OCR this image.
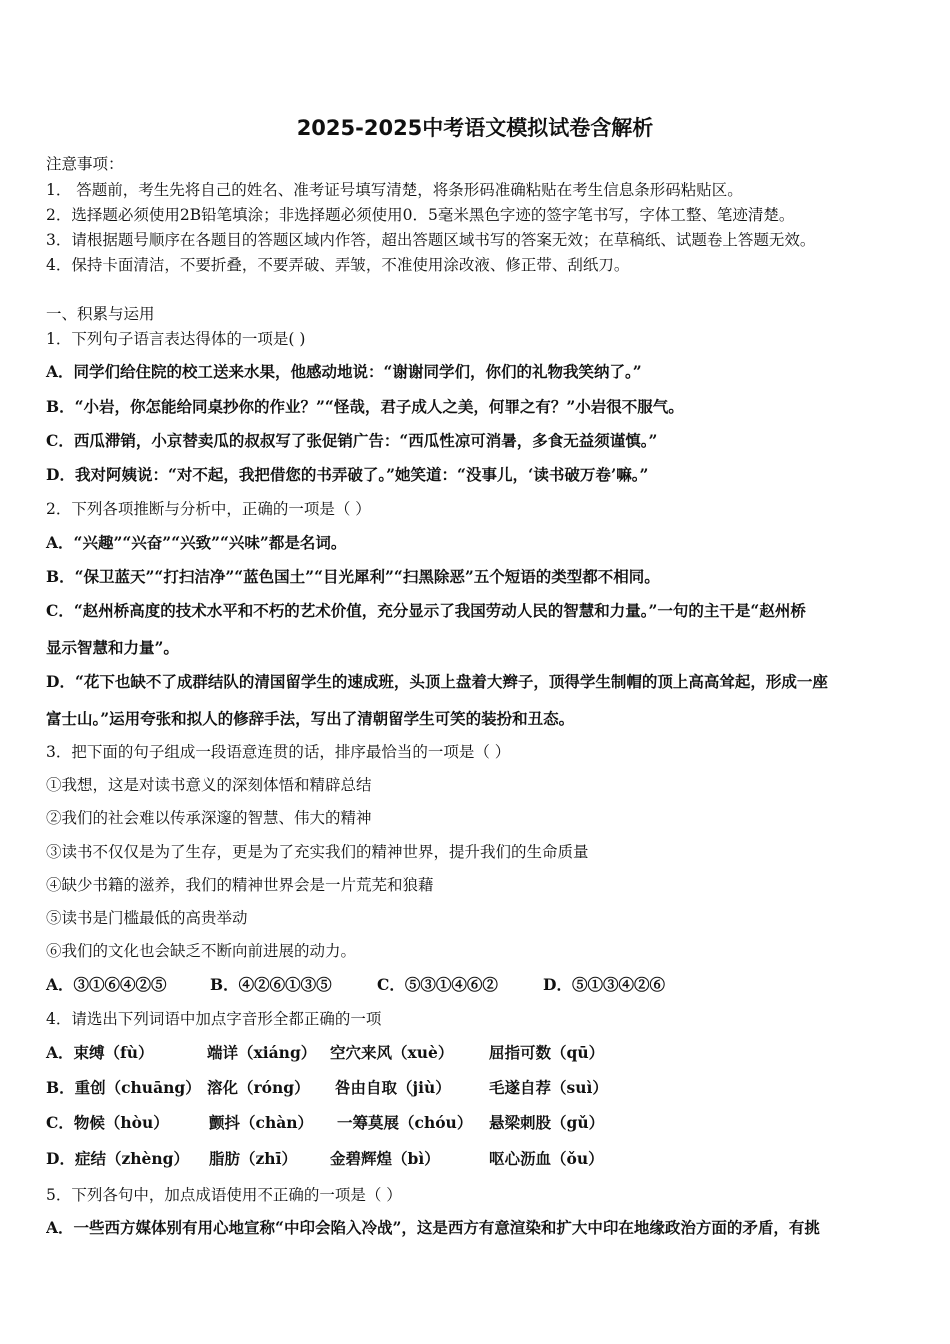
2025-2025中考语文模拟试卷含解析
注意事项：
1． 答题前，考生先将自己的姓名、准考证号填写清楚，将条形码准确粘贴在考生信息条形码粘贴区。
2．选择题必须使用2B铅笔填涂；非选择题必须使用0．5毫米黑色字迹的签字笔书写，字体工整、笔迹清楚。
3．请根据题号顺序在各题目的答题区域内作答，超出答题区域书写的答案无效；在草稿纸、试题卷上答题无效。
4．保持卡面清洁，不要折叠，不要弄破、弄皱，不准使用涂改液、修正带、刮纸刀。
一、积累与运用
1．下列句子语言表达得体的一项是( )
A．同学们给住院的校工送来水果，他感动地说：“谢谢同学们，你们的礼物我笑纳了。”
B．“小岩，你怎能给同桌抄你的作业？”“怪哉，君子成人之美，何罪之有？”小岩很不服气。
C．西瓜滞销，小京替卖瓜的叔叔写了张促销广告：“西瓜性凉可消暑，多食无益须谨慎。”
D．我对阿姨说：“对不起，我把借您的书弄破了。”她笑道：“没事儿，‘读书破万卷’嘛。”
2．下列各项推断与分析中，正确的一项是（ ）
A．“兴趣”“兴奋”“兴致”“兴味”都是名词。
B．“保卫蓝天”“打扫洁净”“蓝色国土”“目光犀利”“扫黑除恶”五个短语的类型都不相同。
C．“赵州桥高度的技术水平和不朽的艺术价值，充分显示了我国劳动人民的智慧和力量。”一句的主干是“赵州桥
显示智慧和力量”。
D．“花下也缺不了成群结队的清国留学生的速成班，头顶上盘着大辫子，顶得学生制帽的顶上高高耸起，形成一座
富士山。”运用夸张和拟人的修辞手法，写出了清朝留学生可笑的装扮和丑态。
3．把下面的句子组成一段语意连贯的话，排序最恰当的一项是（ ）
①我想，这是对读书意义的深刻体悟和精辟总结
②我们的社会难以传承深邃的智慧、伟大的精神
③读书不仅仅是为了生存，更是为了充实我们的精神世界，提升我们的生命质量
④缺少书籍的滋养，我们的精神世界会是一片荒芜和狼藉
⑤读书是门槛最低的高贵举动
⑥我们的文化也会缺乏不断向前进展的动力。
A．③①⑥④②⑤	B．④②⑥①③⑤	C．⑤③①④⑥②	D．⑤①③④②⑥
4．请选出下列词语中加点字音形全都正确的一项
A．束缚（fù）	端详（xiáng） 空穴来风（xuè） 屈指可数（qū）
B．重创（chuāng） 溶化（róng） 咎由自取（jiù） 毛遂自荐（suì）
C．物候（hòu）	颤抖（chàn） 一筹莫展（chóu） 悬梁刺股（gǔ）
D．症结（zhèng） 脂肪（zhī） 金碧辉煌（bì）	呕心沥血（ǒu）
5．下列各句中，加点成语使用不正确的一项是（ ）
A．一些西方媒体别有用心地宣称“中印会陷入冷战”，这是西方有意渲染和扩大中印在地缘政治方面的矛盾，有挑
